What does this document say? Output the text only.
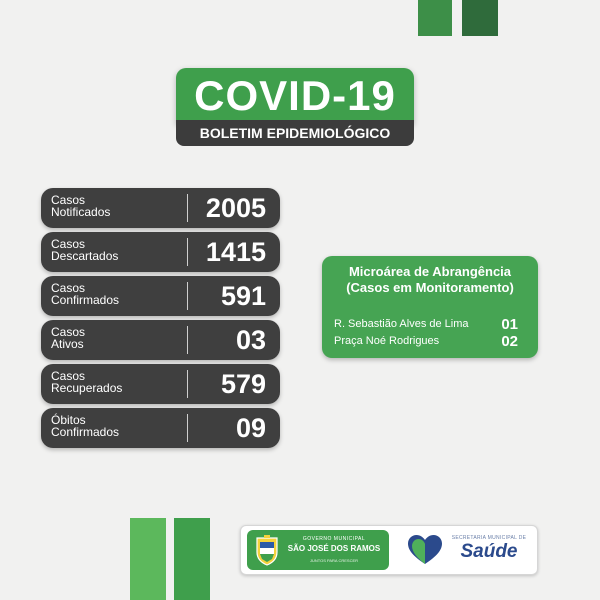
COVID-19
BOLETIM EPIDEMIOLÓGICO
Casos
Notificados	2005
Casos
Descartados	1415
Casos
Confirmados	591
Casos
Ativos	03
Casos
Recuperados	579
Óbitos
Confirmados	09
Microárea de Abrangência
(Casos em Monitoramento)
R. Sebastião Alves de Lima 01
Praça Noé Rodrigues	02
GOVERNO MUNICIPAL
SÃO JOSÉ DOS RAMOS
JUNTOS PARA CRESCER
SECRETARIA MUNICIPAL DE
Saúde
